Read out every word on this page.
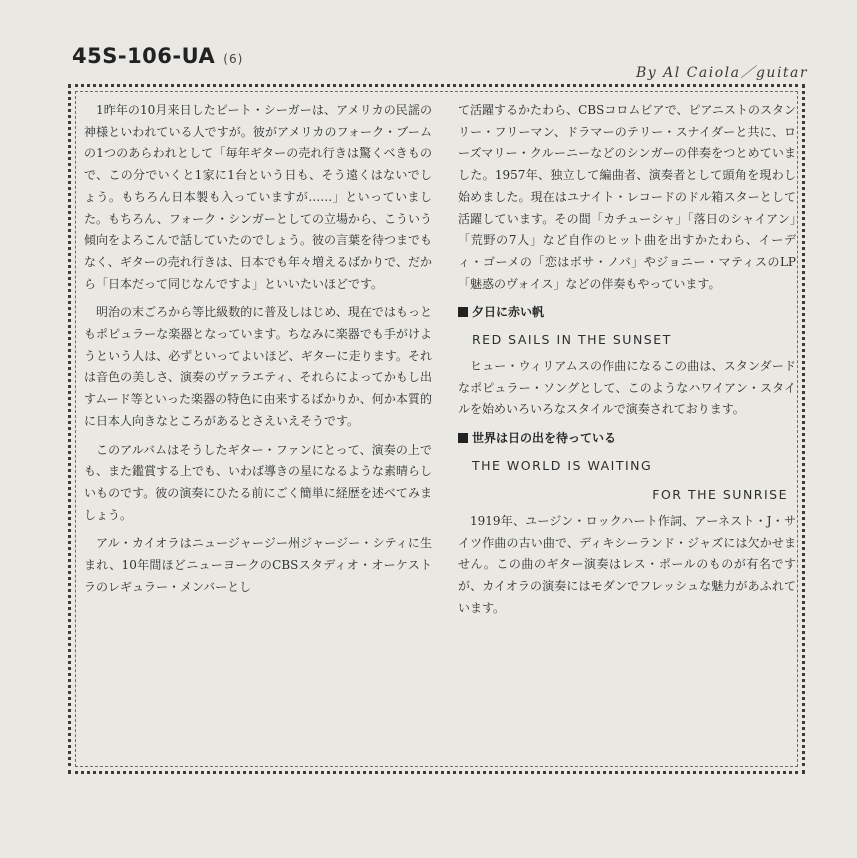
45S-106-UA (6)
By Al Caiola／guitar

1昨年の10月来日したピート・シーガーは、アメリカの民謡の神様といわれている人ですが。彼がアメリカのフォーク・ブームの1つのあらわれとして「毎年ギターの売れ行きは驚くべきもので、この分でいくと1家に1台という日も、そう遠くはないでしょう。もちろん日本製も入っていますが……」といっていました。もちろん、フォーク・シンガーとしての立場から、こういう傾向をよろこんで話していたのでしょう。彼の言葉を待つまでもなく、ギターの売れ行きは、日本でも年々増えるばかりで、だから「日本だって同じなんですよ」といいたいほどです。

明治の末ごろから等比級数的に普及しはじめ、現在ではもっともポピュラーな楽器となっています。ちなみに楽器でも手がけようという人は、必ずといってよいほど、ギターに走ります。それは音色の美しさ、演奏のヴァラエティ、それらによってかもし出すムード等といった楽器の特色に由来するばかりか、何か本質的に日本人向きなところがあるとさえいえそうです。

このアルバムはそうしたギター・ファンにとって、演奏の上でも、また鑑賞する上でも、いわば導きの星になるような素晴らしいものです。彼の演奏にひたる前にごく簡単に経歴を述べてみましょう。

アル・カイオラはニュージャージー州ジャージー・シティに生まれ、10年間ほどニューヨークのCBSスタディオ・オーケストラのレギュラー・メンバーとし

て活躍するかたわら、CBSコロムビアで、ピアニストのスタンリー・フリーマン、ドラマーのテリー・スナイダーと共に、ローズマリー・クルーニーなどのシンガーの伴奏をつとめていました。1957年、独立して編曲者、演奏者として頭角を現わし始めました。現在はユナイト・レコードのドル箱スターとして活躍しています。その間「カチューシャ」「落日のシャイアン」「荒野の7人」など自作のヒット曲を出すかたわら、イーディ・ゴーメの「恋はボサ・ノバ」やジョニー・マティスのLP「魅惑のヴォイス」などの伴奏もやっています。

夕日に赤い帆
RED SAILS IN THE SUNSET

ヒュー・ウィリアムスの作曲になるこの曲は、スタンダードなポピュラー・ソングとして、このようなハワイアン・スタイルを始めいろいろなスタイルで演奏されております。

世界は日の出を待っている
THE WORLD IS WAITING
FOR THE SUNRISE

1919年、ユージン・ロックハート作詞、アーネスト・J・サイツ作曲の古い曲で、ディキシーランド・ジャズには欠かせません。この曲のギター演奏はレス・ポールのものが有名ですが、カイオラの演奏にはモダンでフレッシュな魅力があふれています。
